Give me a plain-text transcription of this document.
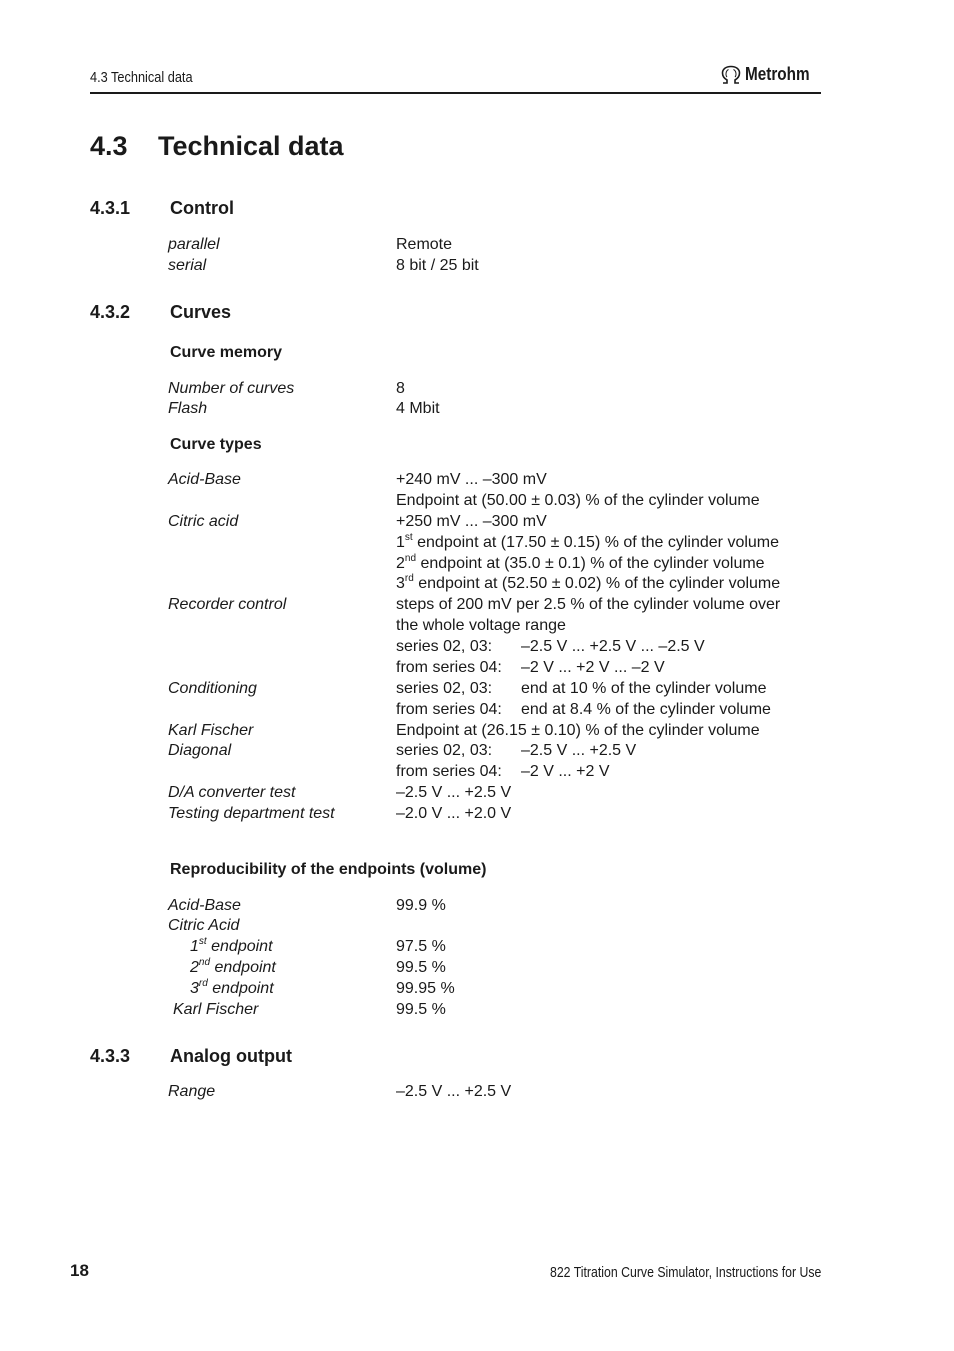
4.3 Technical data	Metrohm
4.3 Technical data
4.3.1 Control
parallel	Remote
serial	8 bit / 25 bit
4.3.2 Curves
Curve memory
Number of curves	8
Flash	4 Mbit
Curve types
Acid-Base	+240 mV ... –300 mV
Endpoint at (50.00 ± 0.03) % of the cylinder volume
Citric acid	+250 mV ... –300 mV
1st endpoint at (17.50 ± 0.15) % of the cylinder volume
2nd endpoint at (35.0 ± 0.1) % of the cylinder volume
3rd endpoint at (52.50 ± 0.02) % of the cylinder volume
Recorder control	steps of 200 mV per 2.5 % of the cylinder volume over
the whole voltage range
series 02, 03: –2.5 V ... +2.5 V ... –2.5 V
from series 04: –2 V ... +2 V ... –2 V
Conditioning	series 02, 03: end at 10 % of the cylinder volume
from series 04: end at 8.4 % of the cylinder volume
Karl Fischer	Endpoint at (26.15 ± 0.10) % of the cylinder volume
Diagonal	series 02, 03: –2.5 V ... +2.5 V
from series 04: –2 V ... +2 V
D/A converter test	–2.5 V ... +2.5 V
Testing department test	–2.0 V ... +2.0 V
Reproducibility of the endpoints (volume)
Acid-Base	99.9 %
Citric Acid
1st endpoint	97.5 %
2nd endpoint	99.5 %
3rd endpoint	99.95 %
Karl Fischer	99.5 %
4.3.3 Analog output
Range	–2.5 V ... +2.5 V
18	822 Titration Curve Simulator, Instructions for Use
